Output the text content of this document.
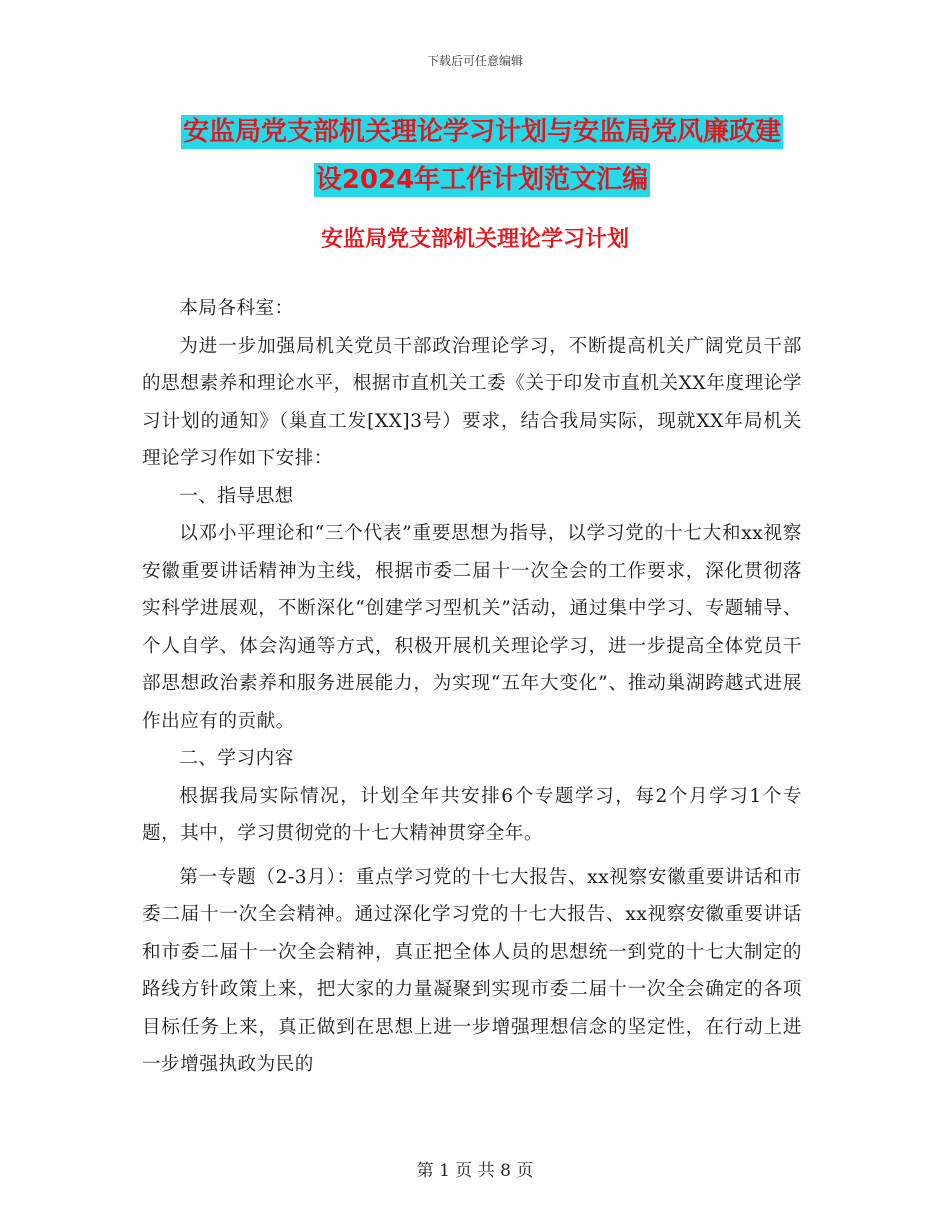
下载后可任意编辑
安监局党支部机关理论学习计划与安监局党风廉政建
设2024年工作计划范文汇编
安监局党支部机关理论学习计划

本局各科室：

为进一步加强局机关党员干部政治理论学习，不断提高机关广阔党员干部的思想素养和理论水平，根据市直机关工委《关于印发市直机关XX年度理论学习计划的通知》（巢直工发[XX]3号）要求，结合我局实际，现就XX年局机关理论学习作如下安排：

一、指导思想

以邓小平理论和“三个代表”重要思想为指导，以学习党的十七大和xx视察安徽重要讲话精神为主线，根据市委二届十一次全会的工作要求，深化贯彻落实科学进展观，不断深化“创建学习型机关”活动，通过集中学习、专题辅导、个人自学、体会沟通等方式，积极开展机关理论学习，进一步提高全体党员干部思想政治素养和服务进展能力，为实现“五年大变化”、推动巢湖跨越式进展作出应有的贡献。

二、学习内容

根据我局实际情况，计划全年共安排6个专题学习，每2个月学习1个专题，其中，学习贯彻党的十七大精神贯穿全年。

第一专题（2-3月）：重点学习党的十七大报告、xx视察安徽重要讲话和市委二届十一次全会精神。通过深化学习党的十七大报告、xx视察安徽重要讲话和市委二届十一次全会精神，真正把全体人员的思想统一到党的十七大制定的路线方针政策上来，把大家的力量凝聚到实现市委二届十一次全会确定的各项目标任务上来，真正做到在思想上进一步增强理想信念的坚定性，在行动上进一步增强执政为民的

第 1 页 共 8 页
